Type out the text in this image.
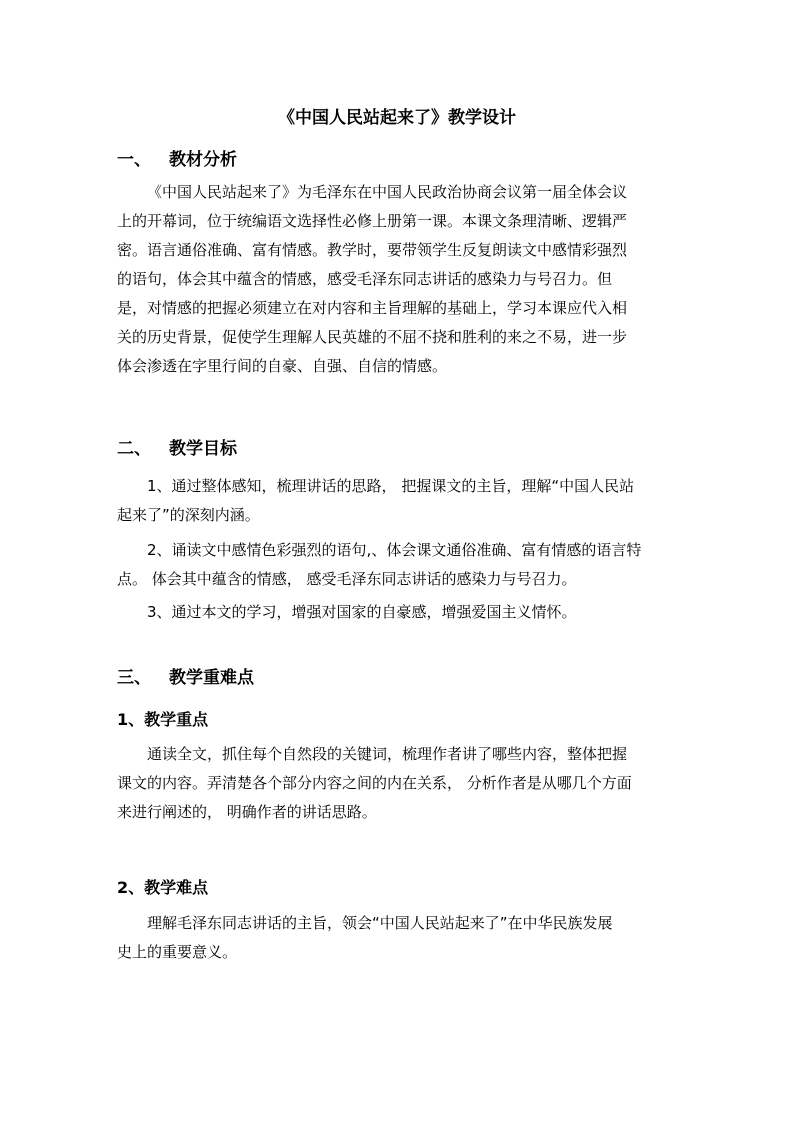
《中国人民站起来了》教学设计
一、 教材分析
《中国人民站起来了》为毛泽东在中国人民政治协商会议第一届全体会议
上的开幕词，位于统编语文选择性必修上册第一课。本课文条理清晰、逻辑严
密。语言通俗准确、富有情感。教学时，要带领学生反复朗读文中感情彩强烈
的语句，体会其中蕴含的情感，感受毛泽东同志讲话的感染力与号召力。但
是，对情感的把握必须建立在对内容和主旨理解的基础上，学习本课应代入相
关的历史背景，促使学生理解人民英雄的不屈不挠和胜利的来之不易，进一步
体会渗透在字里行间的自豪、自强、自信的情感。
二、 教学目标
1、通过整体感知，梳理讲话的思路， 把握课文的主旨，理解“中国人民站
起来了”的深刻内涵。
2、诵读文中感情色彩强烈的语句,、体会课文通俗准确、富有情感的语言特
点。 体会其中蕴含的情感， 感受毛泽东同志讲话的感染力与号召力。
3、通过本文的学习，增强对国家的自豪感，增强爱国主义情怀。
三、 教学重难点
1、教学重点
通读全文，抓住每个自然段的关键词，梳理作者讲了哪些内容，整体把握
课文的内容。弄清楚各个部分内容之间的内在关系， 分析作者是从哪几个方面
来进行阐述的， 明确作者的讲话思路。
2、教学难点
理解毛泽东同志讲话的主旨，领会“中国人民站起来了”在中华民族发展
史上的重要意义。
